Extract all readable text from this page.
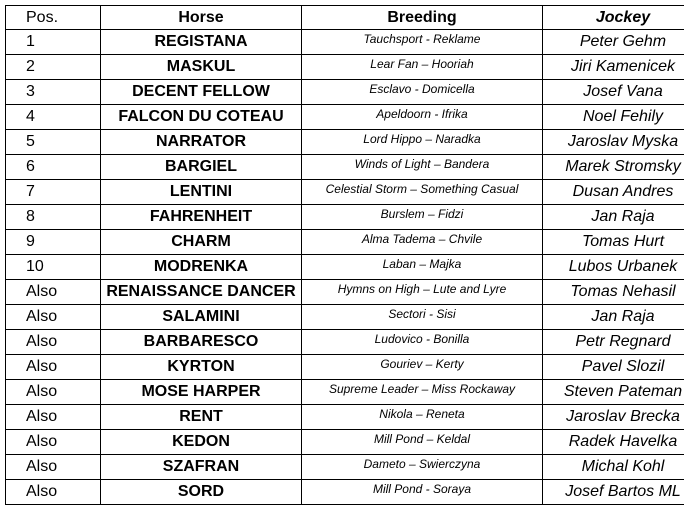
Pos.	Horse	Breeding	Jockey
1	REGISTANA	Tauchsport - Reklame	Peter Gehm
2	MASKUL	Lear Fan – Hooriah	Jiri Kamenicek
3	DECENT FELLOW	Esclavo - Domicella	Josef Vana
4	FALCON DU COTEAU	Apeldoorn - Ifrika	Noel Fehily
5	NARRATOR	Lord Hippo – Naradka	Jaroslav Myska
6	BARGIEL	Winds of Light – Bandera	Marek Stromsky
7	LENTINI	Celestial Storm – Something Casual	Dusan Andres
8	FAHRENHEIT	Burslem – Fidzi	Jan Raja
9	CHARM	Alma Tadema – Chvile	Tomas Hurt
10	MODRENKA	Laban – Majka	Lubos Urbanek
Also	RENAISSANCE DANCER	Hymns on High – Lute and Lyre	Tomas Nehasil
Also	SALAMINI	Sectori - Sisi	Jan Raja
Also	BARBARESCO	Ludovico - Bonilla	Petr Regnard
Also	KYRTON	Gouriev – Kerty	Pavel Slozil
Also	MOSE HARPER	Supreme Leader – Miss Rockaway	Steven Pateman
Also	RENT	Nikola – Reneta	Jaroslav Brecka
Also	KEDON	Mill Pond – Keldal	Radek Havelka
Also	SZAFRAN	Dameto – Swierczyna	Michal Kohl
Also	SORD	Mill Pond - Soraya	Josef Bartos ML
